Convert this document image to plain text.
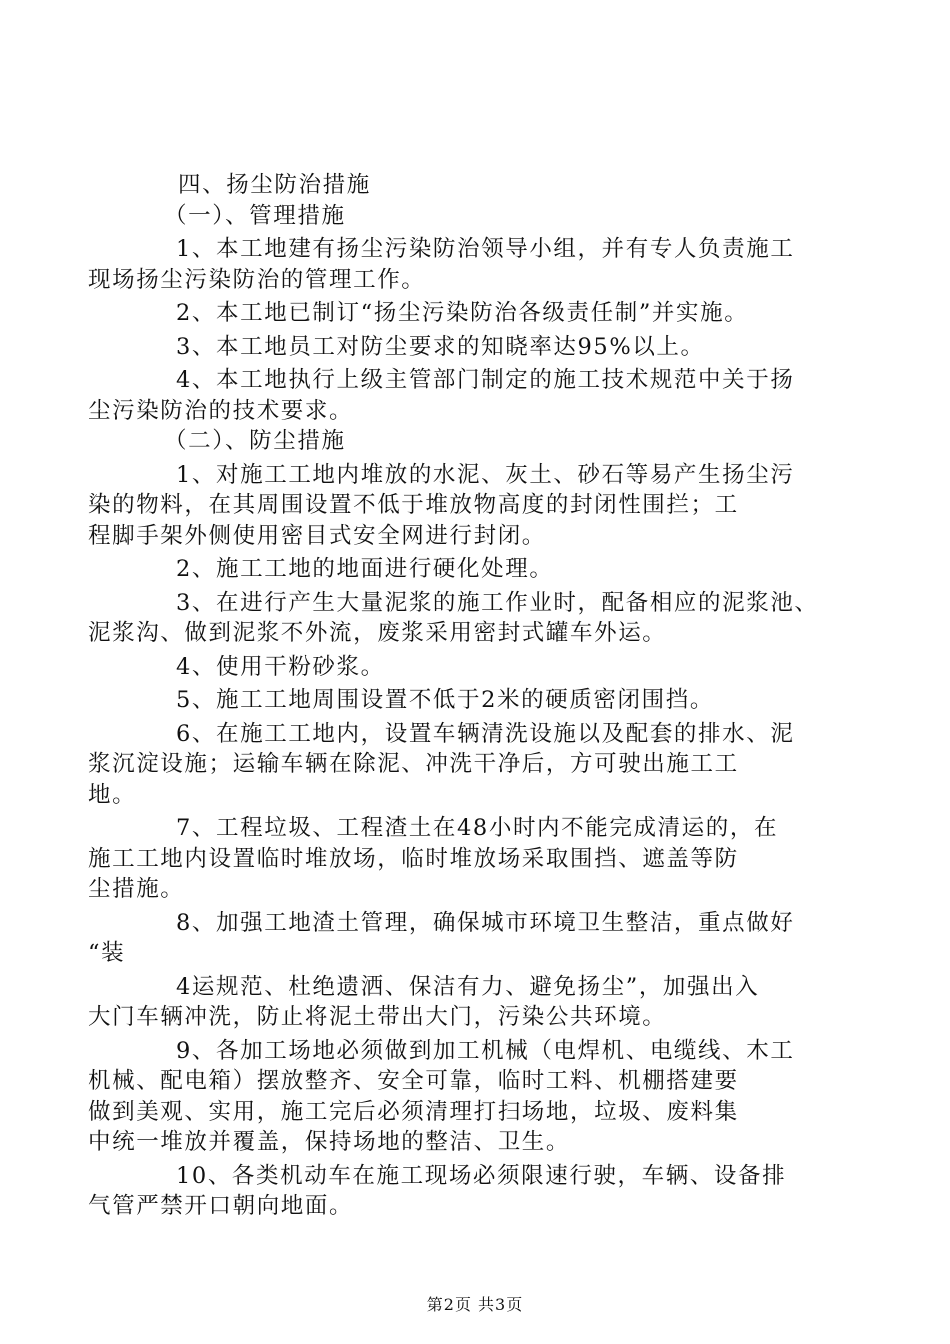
四、扬尘防治措施
（一）、管理措施
1、本工地建有扬尘污染防治领导小组，并有专人负责施工
现场扬尘污染防治的管理工作。
2、本工地已制订“扬尘污染防治各级责任制”并实施。
3、本工地员工对防尘要求的知晓率达95%以上。
4、本工地执行上级主管部门制定的施工技术规范中关于扬
尘污染防治的技术要求。
（二）、防尘措施
1、对施工工地内堆放的水泥、灰土、砂石等易产生扬尘污
染的物料，在其周围设置不低于堆放物高度的封闭性围拦；工
程脚手架外侧使用密目式安全网进行封闭。
2、施工工地的地面进行硬化处理。
3、在进行产生大量泥浆的施工作业时，配备相应的泥浆池、
泥浆沟、做到泥浆不外流，废浆采用密封式罐车外运。
4、使用干粉砂浆。
5、施工工地周围设置不低于2米的硬质密闭围挡。
6、在施工工地内，设置车辆清洗设施以及配套的排水、泥
浆沉淀设施；运输车辆在除泥、冲洗干净后，方可驶出施工工
地。
7、工程垃圾、工程渣土在48小时内不能完成清运的，在
施工工地内设置临时堆放场，临时堆放场采取围挡、遮盖等防
尘措施。
8、加强工地渣土管理，确保城市环境卫生整洁，重点做好
“装
4运规范、杜绝遗洒、保洁有力、避免扬尘”，加强出入
大门车辆冲洗，防止将泥土带出大门，污染公共环境。
9、各加工场地必须做到加工机械（电焊机、电缆线、木工
机械、配电箱）摆放整齐、安全可靠，临时工料、机棚搭建要
做到美观、实用，施工完后必须清理打扫场地，垃圾、废料集
中统一堆放并覆盖，保持场地的整洁、卫生。
10、各类机动车在施工现场必须限速行驶，车辆、设备排
气管严禁开口朝向地面。
第2页 共3页
